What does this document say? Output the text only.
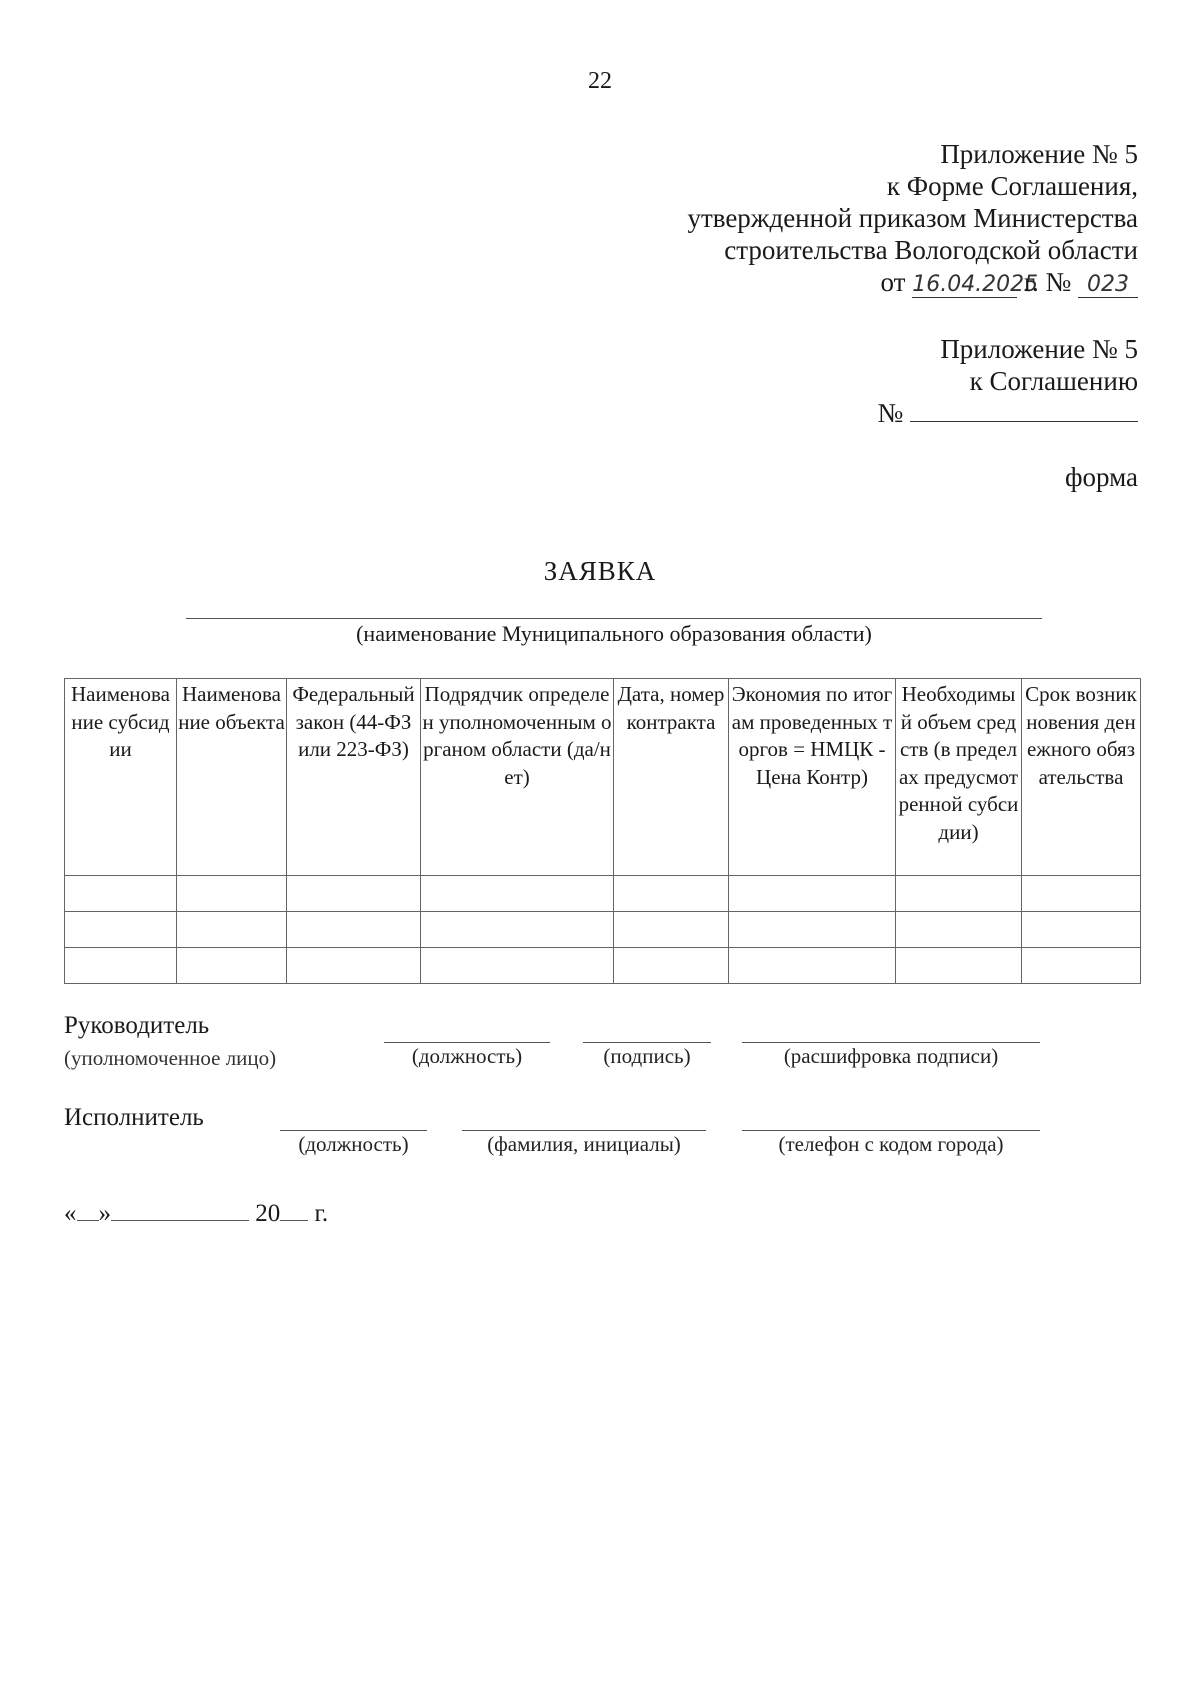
22
Приложение № 5
к Форме Соглашения,
утвержденной приказом Министерства
строительства Вологодской области
от 16.04.2025 г. № 023
Приложение № 5
к Соглашению
№
форма
ЗАЯВКА
(наименование Муниципального образования области)
Наименование субсидии	Наименование объекта	Федеральный закон (44-ФЗ или 223-ФЗ)	Подрядчик определен уполномоченным органом области (да/нет)	Дата, номер контракта	Экономия по итогам проведенных торгов = НМЦК - Цена Контр)	Необходимый объем средств (в пределах предусмотренной субсидии)	Срок возникновения денежного обязательства

Руководитель
(уполномоченное лицо)	(должность)	(подпись)	(расшифровка подписи)
Исполнитель
(должность)	(фамилия, инициалы)	(телефон с кодом города)
« »	20 г.
